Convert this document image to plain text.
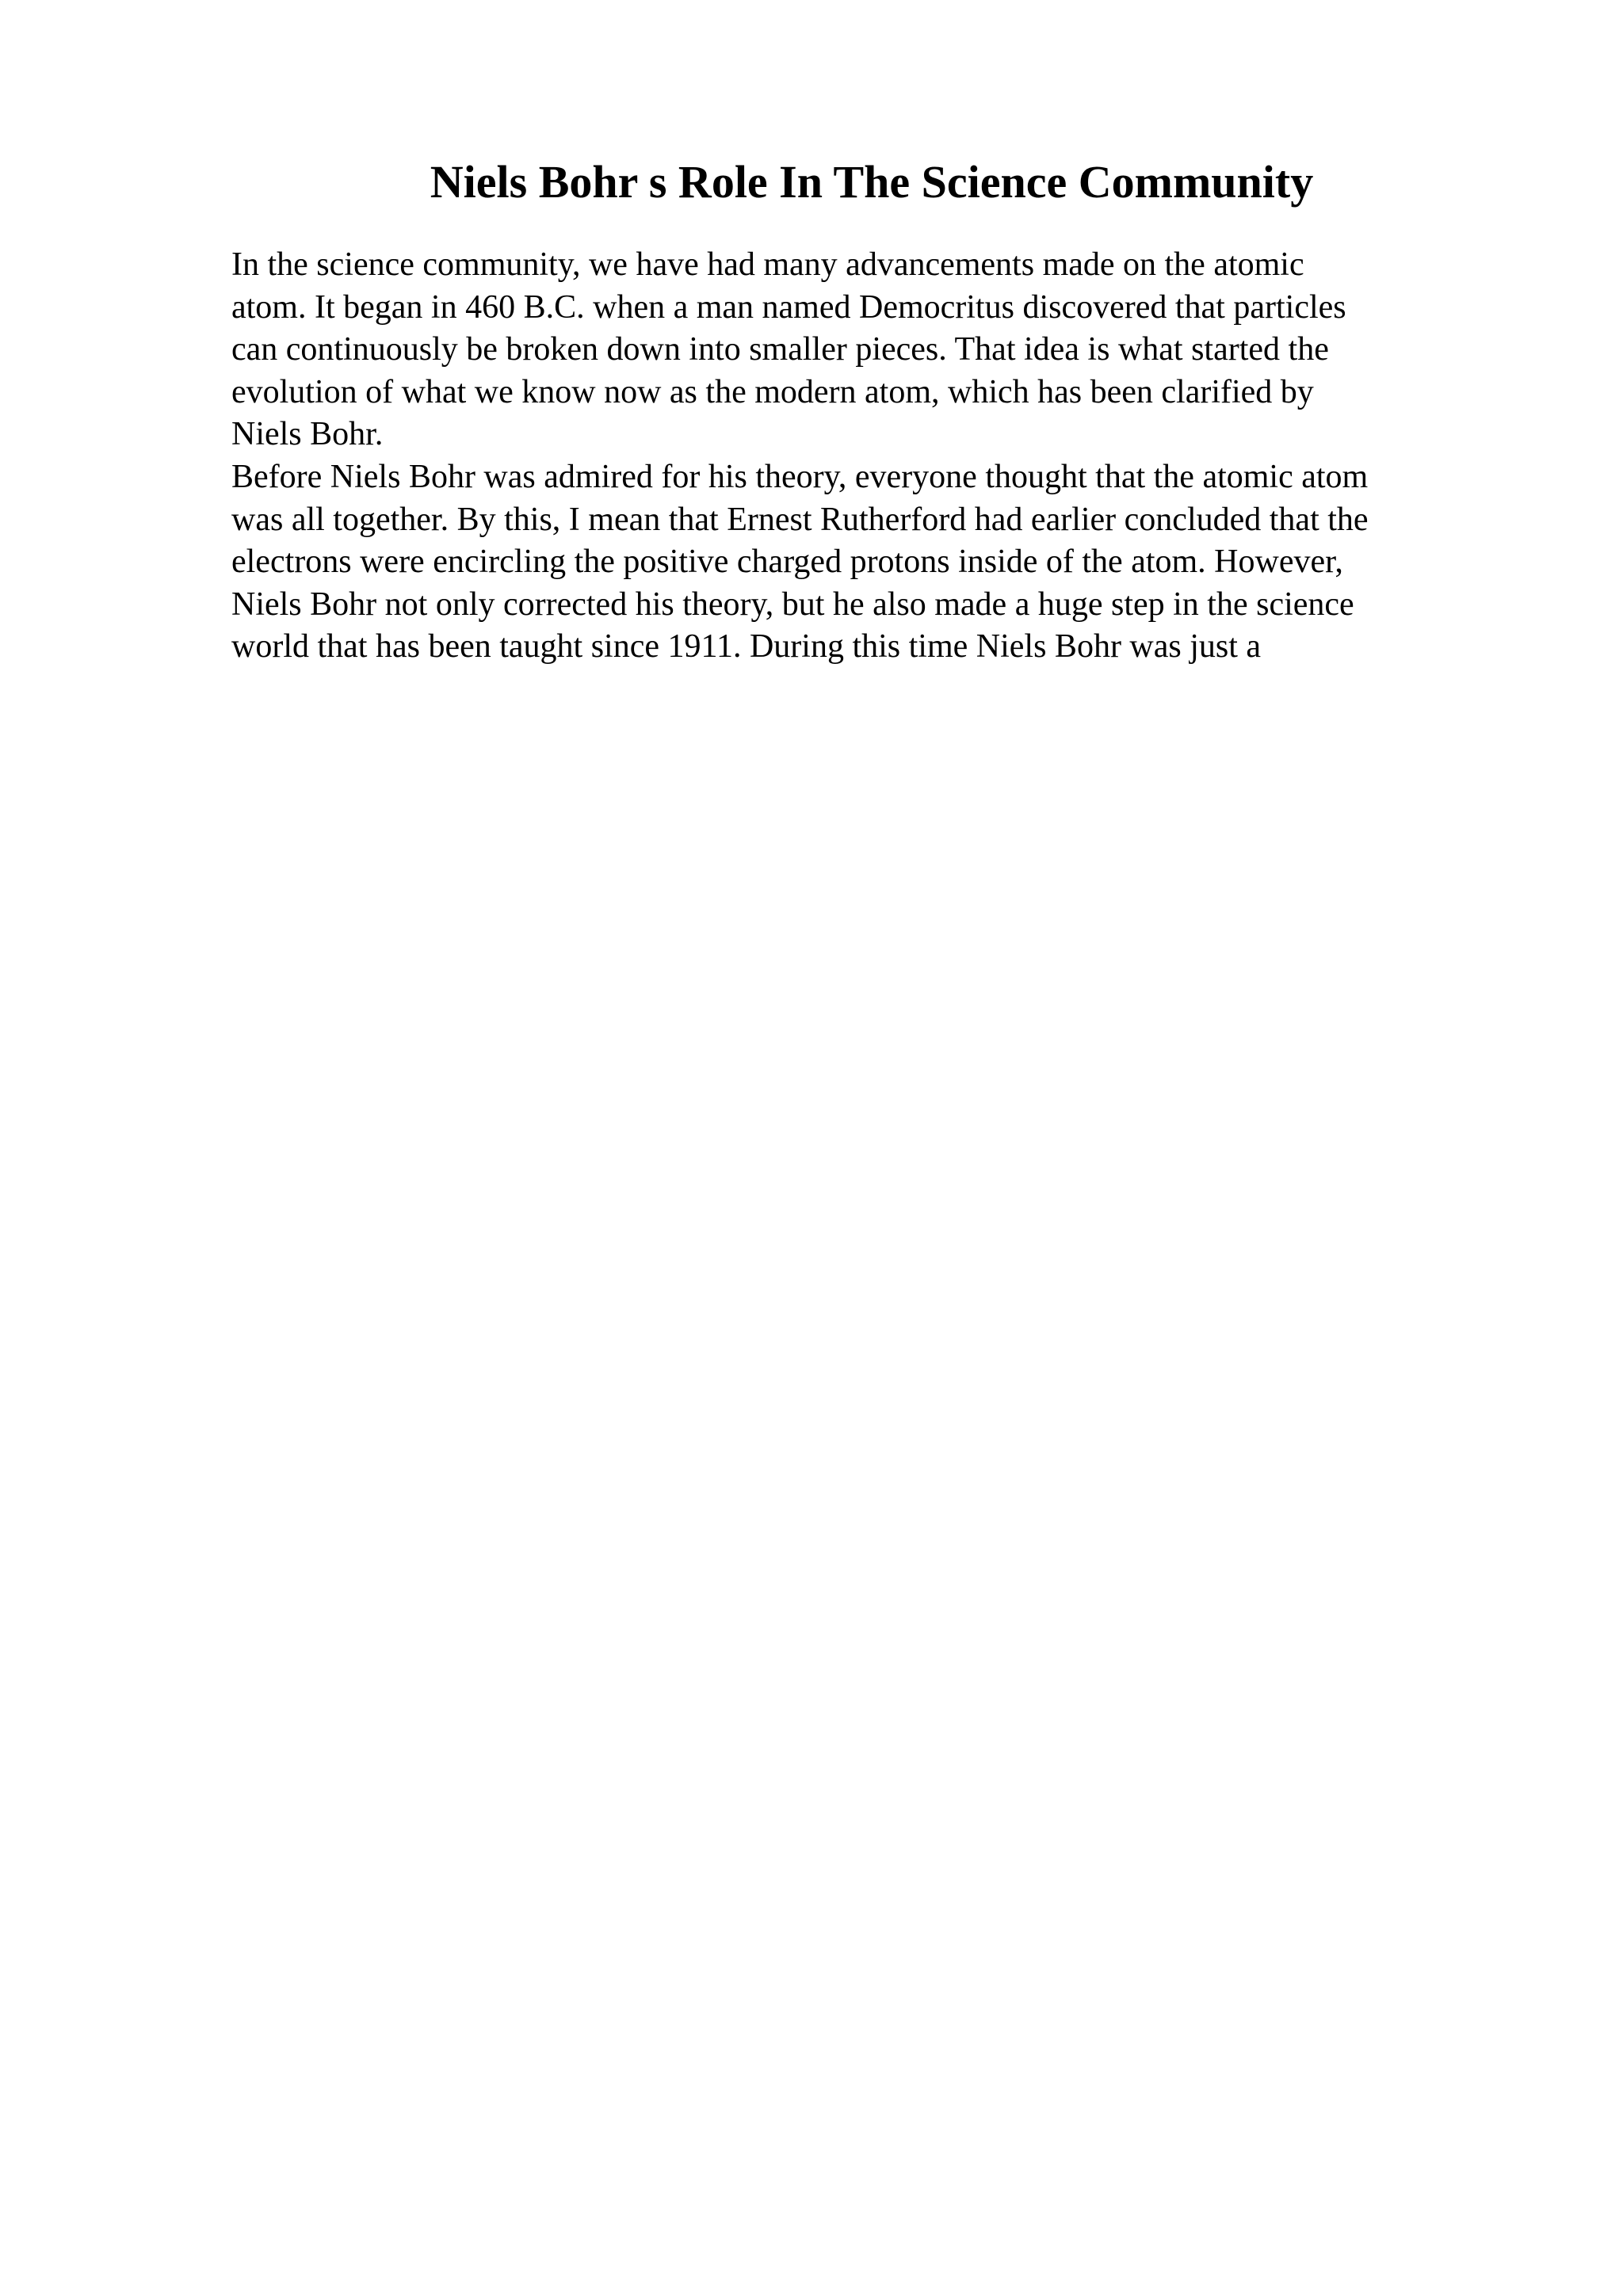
Niels Bohr s Role In The Science Community
In the science community, we have had many advancements made on the atomic
atom. It began in 460 B.C. when a man named Democritus discovered that particles
can continuously be broken down into smaller pieces. That idea is what started the
evolution of what we know now as the modern atom, which has been clarified by
Niels Bohr.
Before Niels Bohr was admired for his theory, everyone thought that the atomic atom
was all together. By this, I mean that Ernest Rutherford had earlier concluded that the
electrons were encircling the positive charged protons inside of the atom. However,
Niels Bohr not only corrected his theory, but he also made a huge step in the science
world that has been taught since 1911. During this time Niels Bohr was just a
